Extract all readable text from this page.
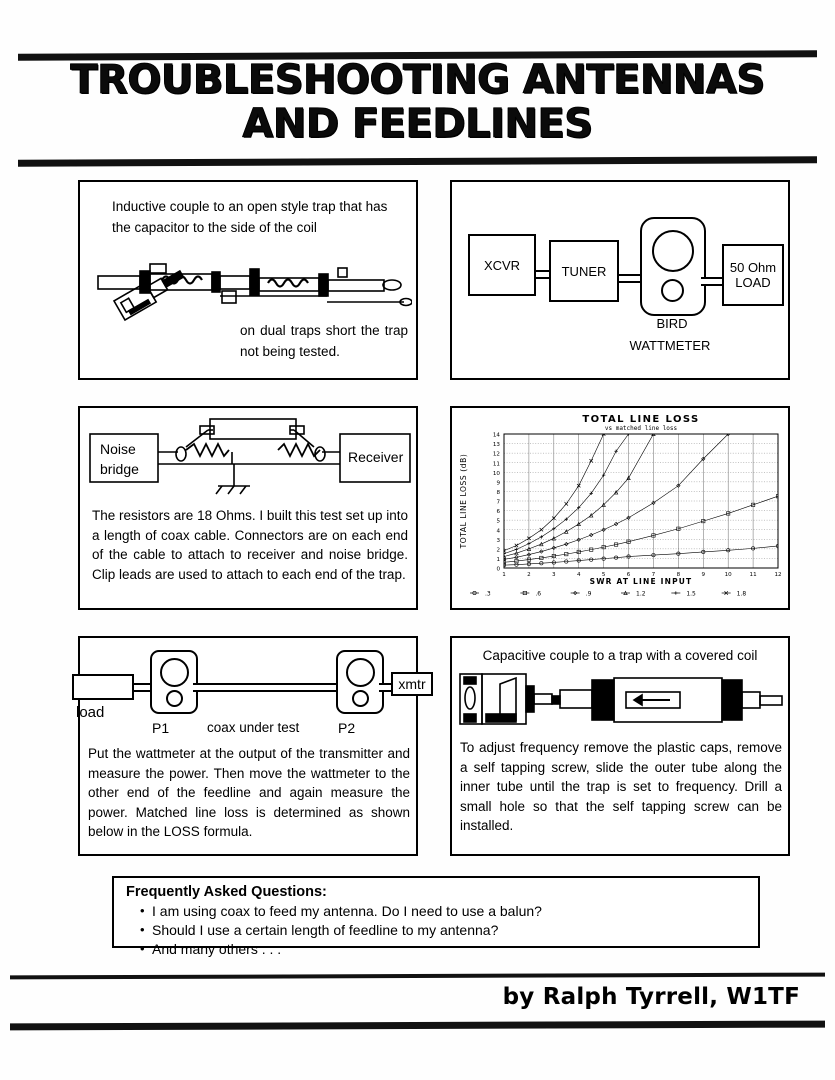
TROUBLESHOOTING ANTENNAS
AND FEEDLINES
Inductive couple to an open style trap that has the capacitor to the side of the coil
on dual traps short the trap not being tested.
XCVR	TUNER	50 Ohm
LOAD
BIRD
WATTMETER
Noise
bridge
Receiver
The resistors are 18 Ohms. I built this test set up into a length of coax cable. Connectors are on each end of the cable to attach to receiver and noise bridge. Clip leads are used to attach to each end of the trap.
TOTAL LINE LOSS
vs matched line loss
0
1
2
3
4
5
6
7
8
9
10
11
12
13
14
1	2	3	4	5	6	7	8	9	10	11	12
SWR AT LINE INPUT
TOTAL LINE LOSS (dB)
.3	.6	.9	1.2	1.5	1.8
xmtr
load
P1	coax under test	P2
Put the wattmeter at the output of the transmitter and measure the power. Then move the wattmeter to the other end of the feedline and again measure the power. Matched line loss is determined as shown below in the LOSS formula.
Capacitive couple to a trap with a covered coil
To adjust frequency remove the plastic caps, remove a self tapping screw, slide the outer tube along the inner tube until the trap is set to frequency. Drill a small hole so that the self tapping screw can be installed.
Frequently Asked Questions:
• I am using coax to feed my antenna. Do I need to use a balun?
• Should I use a certain length of feedline to my antenna?
• And many others . . .
by Ralph Tyrrell, W1TF
